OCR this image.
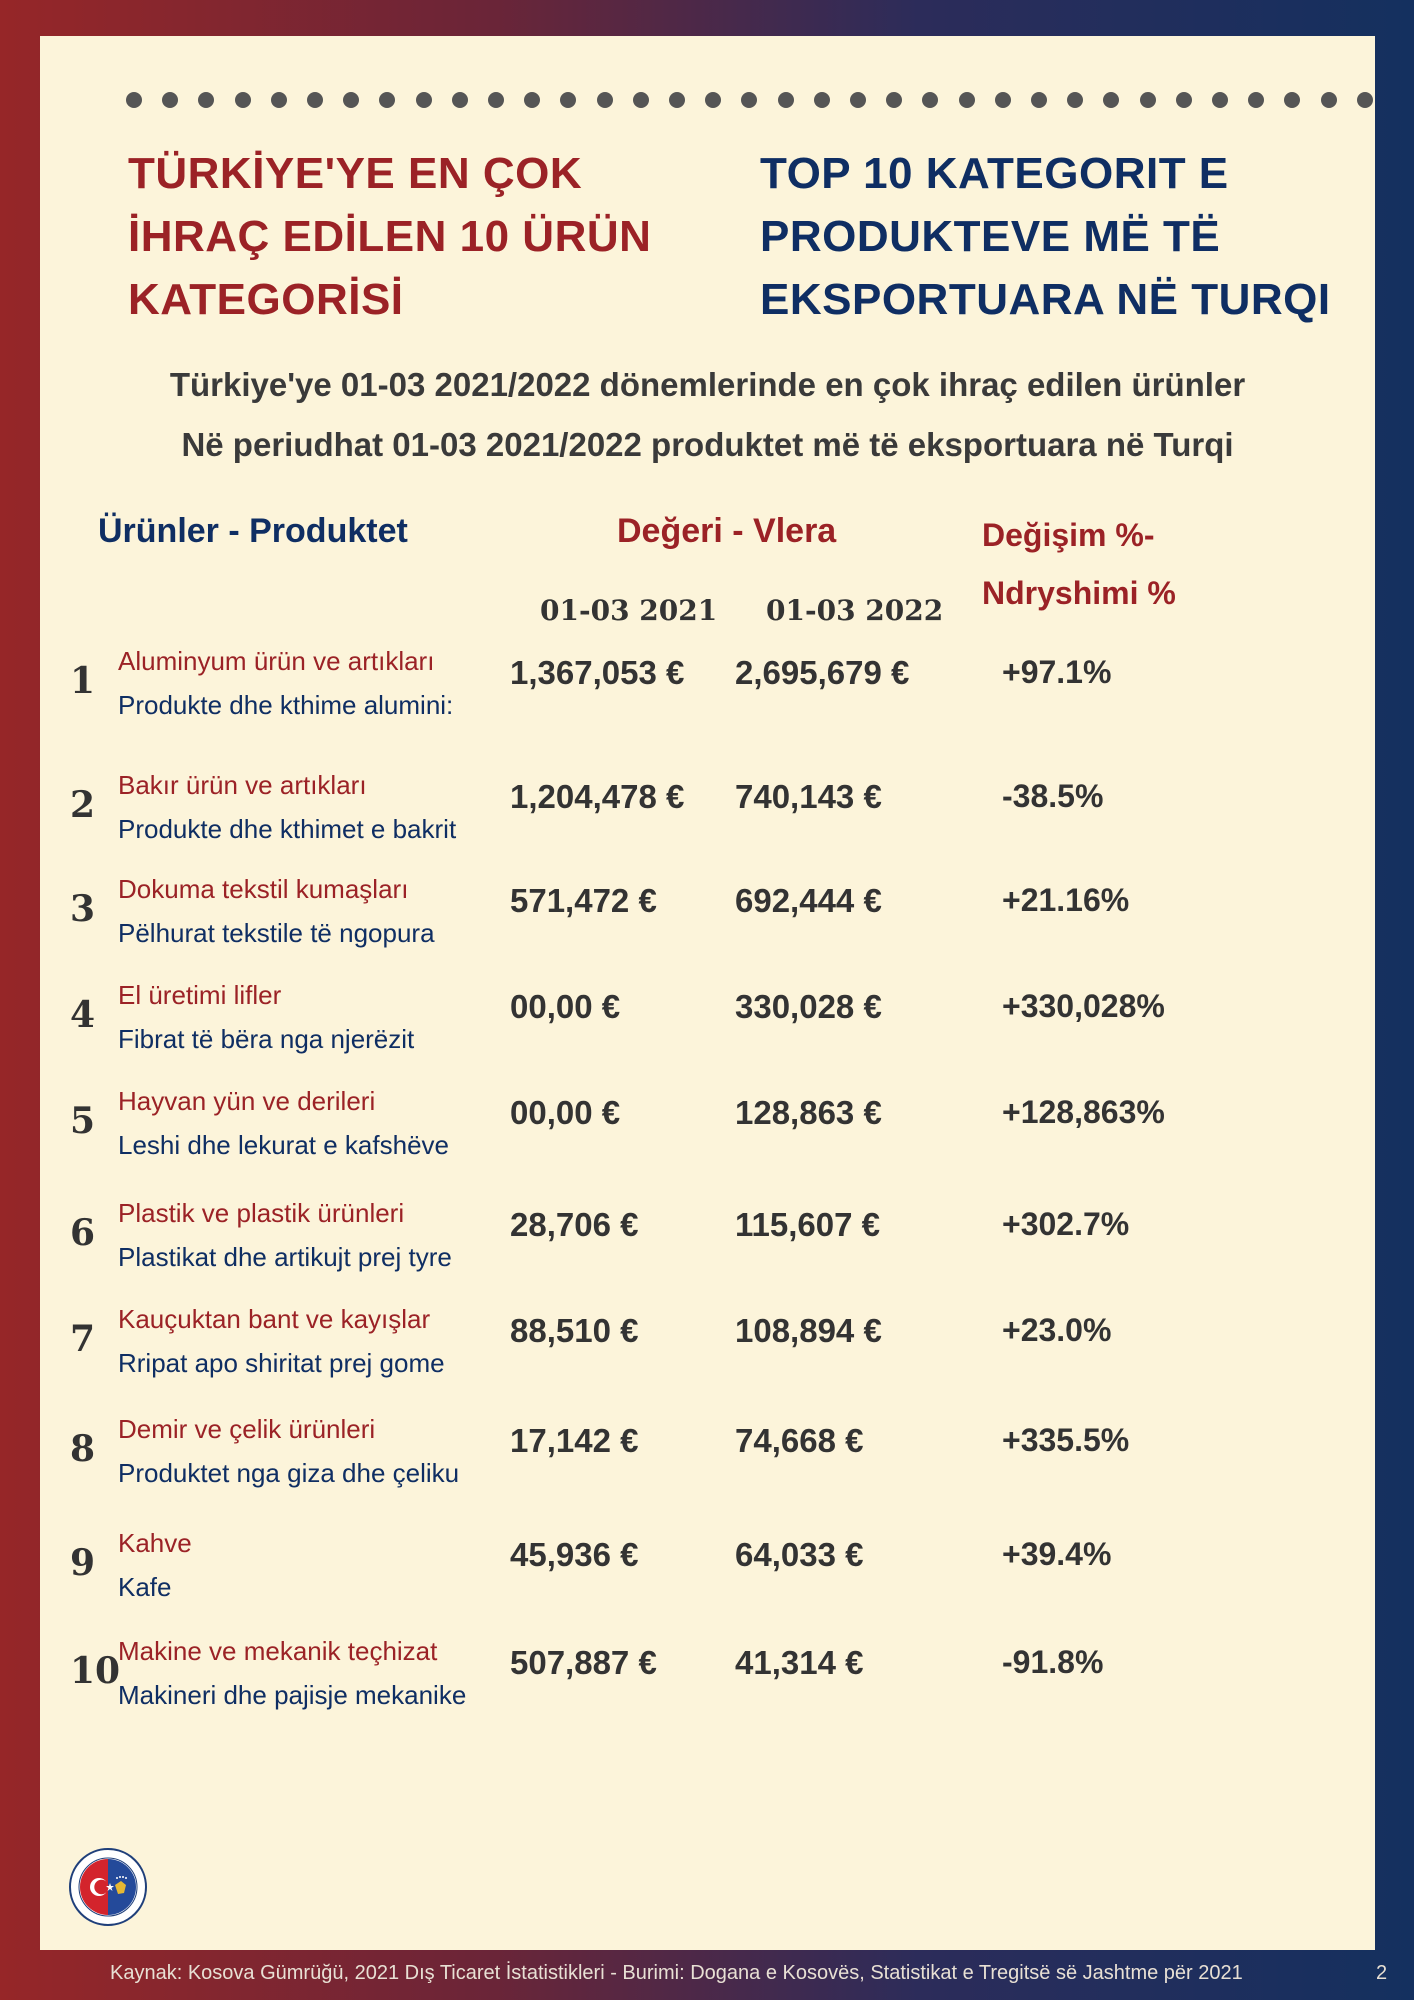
TÜRKİYE'YE EN ÇOK
İHRAÇ EDİLEN 10 ÜRÜN
KATEGORİSİ
TOP 10 KATEGORIT E
PRODUKTEVE MË TË
EKSPORTUARA NË TURQI
Türkiye'ye 01-03 2021/2022 dönemlerinde en çok ihraç edilen ürünler
Në periudhat 01-03 2021/2022 produktet më të eksportuara në Turqi
Ürünler - Produktet	Değeri - Vlera	Değişim %-
Ndryshimi %
01-03 2021 01-03 2022
1 Aluminyum ürün ve artıkları
Produkte dhe kthime alumini:
1,367,053 € 2,695,679 €	+97.1%
2 Bakır ürün ve artıkları
Produkte dhe kthimet e bakrit
1,204,478 € 740,143 €	-38.5%
3 Dokuma tekstil kumaşları
Pëlhurat tekstile të ngopura
571,472 € 692,444 €	+21.16%
4 El üretimi lifler
Fibrat të bëra nga njerëzit
00,00 €	330,028 €	+330,028%
5 Hayvan yün ve derileri
Leshi dhe lekurat e kafshëve
00,00 €	128,863 €	+128,863%
6 Plastik ve plastik ürünleri
Plastikat dhe artikujt prej tyre
28,706 €	115,607 €	+302.7%
7 Kauçuktan bant ve kayışlar
Rripat apo shiritat prej gome
88,510 €	108,894 €	+23.0%
8 Demir ve çelik ürünleri
Produktet nga giza dhe çeliku
17,142 €	74,668 €	+335.5%
9 Kahve
Kafe
45,936 €	64,033 €	+39.4%
10
Makine ve mekanik teçhizat
Makineri dhe pajisje mekanike
507,887 € 41,314 €	-91.8%
Kaynak: Kosova Gümrüğü, 2021 Dış Ticaret İstatistikleri - Burimi: Dogana e Kosovës, Statistikat e Tregitsë së Jashtme për 2021	2
